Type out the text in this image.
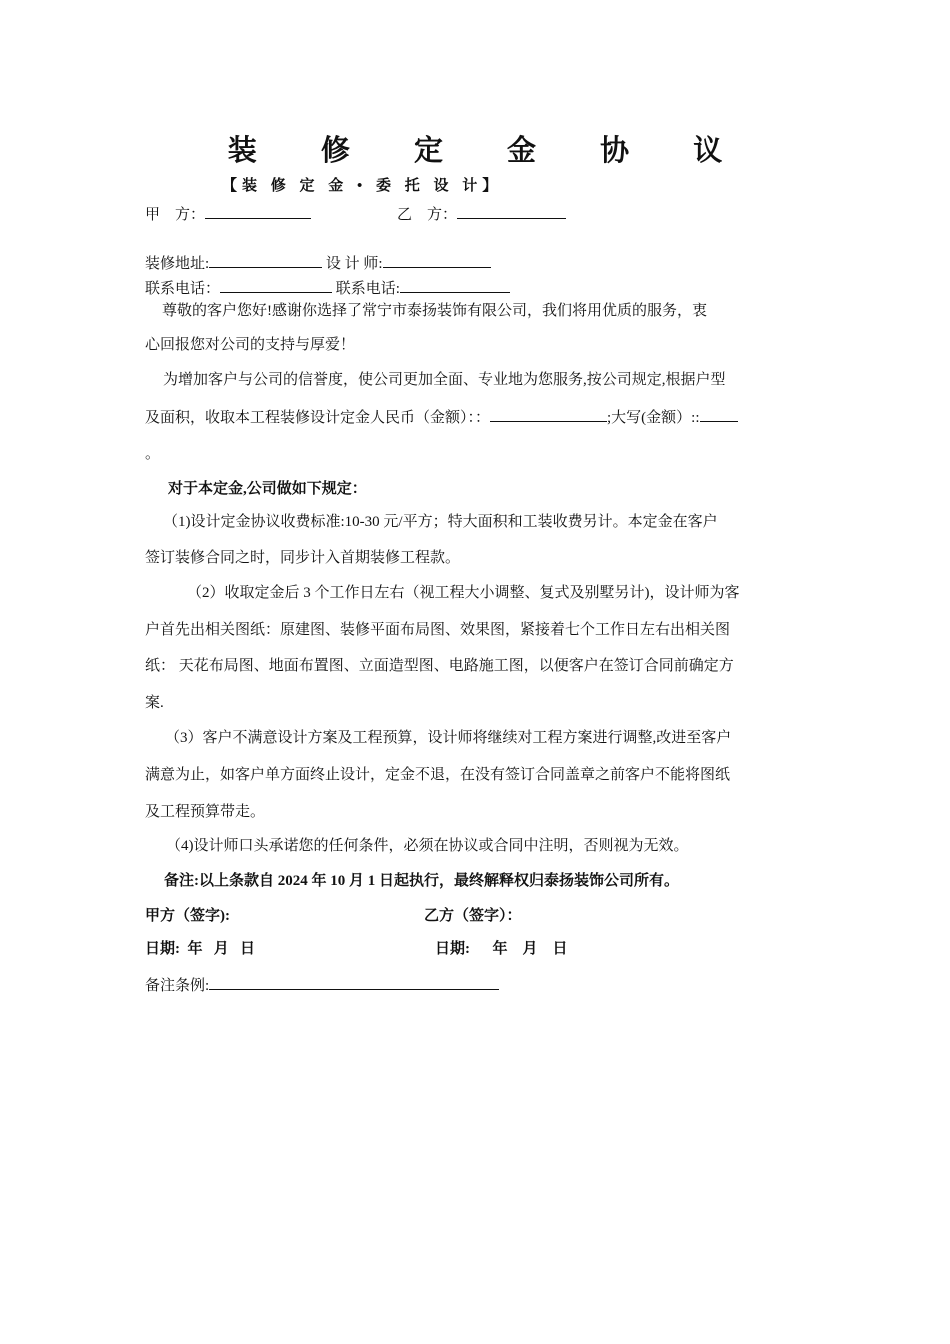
装 修 定 金 协 议
【装 修 定 金 • 委 托 设 计】
甲　方：	乙　方：
装修地址:	设 计 师:
联系电话：	联系电话:
尊敬的客户您好!感谢你选择了常宁市泰扬装饰有限公司，我们将用优质的服务，衷
心回报您对公司的支持与厚爱！
为增加客户与公司的信誉度，使公司更加全面、专业地为您服务,按公司规定,根据户型
及面积，收取本工程装修设计定金人民币（金额）：：	;大写(金额）::
。
对于本定金,公司做如下规定：
（1)设计定金协议收费标准:10-30 元/平方；特大面积和工装收费另计。本定金在客户
签订装修合同之时，同步计入首期装修工程款。
（2）收取定金后 3 个工作日左右（视工程大小调整、复式及别墅另计)，设计师为客
户首先出相关图纸：原建图、装修平面布局图、效果图，紧接着七个工作日左右出相关图
纸： 天花布局图、地面布置图、立面造型图、电路施工图，以便客户在签订合同前确定方
案.
（3）客户不满意设计方案及工程预算，设计师将继续对工程方案进行调整,改进至客户
满意为止，如客户单方面终止设计，定金不退，在没有签订合同盖章之前客户不能将图纸
及工程预算带走。
（4)设计师口头承诺您的任何条件，必须在协议或合同中注明，否则视为无效。
备注:以上条款自 2024 年 10 月 1 日起执行，最终解释权归泰扬装饰公司所有。
甲方（签字):	乙方（签字）：
日期:  年   月   日	日期:      年    月    日
备注条例:
